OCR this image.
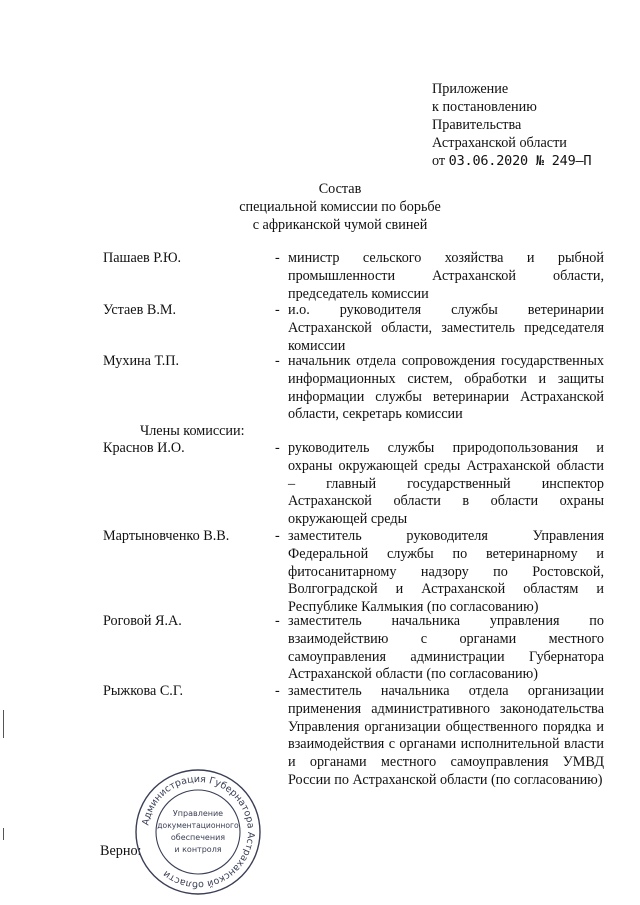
Приложение
к постановлению
Правительства
Астраханской области
от 03.06.2020 № 249–П
Состав
специальной комиссии по борьбе
с африканской чумой свиней
Пашаев Р.Ю.	- министр сельского хозяйства и рыбной промышленности Астраханской области, председатель комиссии
Устаев В.М.	- и.о. руководителя службы ветеринарии Астраханской области, заместитель председателя комиссии
Мухина Т.П.	- начальник отдела сопровождения государственных информационных систем, обработки и защиты информации службы ветеринарии Астраханской области, секретарь комиссии
Члены комиссии:
Краснов И.О.	- руководитель службы природопользования и охраны окружающей среды Астраханской области – главный государственный инспектор Астраханской области в области охраны окружающей среды
Мартыновченко В.В.	- заместитель руководителя Управления Федеральной службы по ветеринарному и фитосанитарному надзору по Ростовской, Волгоградской и Астраханской областям и Республике Калмыкия (по согласованию)
Роговой Я.А.	- заместитель начальника управления по взаимодействию с органами местного самоуправления администрации Губернатора Астраханской области (по согласованию)
Рыжкова С.Г.	- заместитель начальника отдела организации применения административного законодательства Управления организации общественного порядка и взаимодействия с органами исполнительной власти и органами местного самоуправления УМВД России по Астраханской области (по согласованию)
Верно:
Администрация Губернатора Астраханской области
Управление
документационного
обеспечения
и контроля
